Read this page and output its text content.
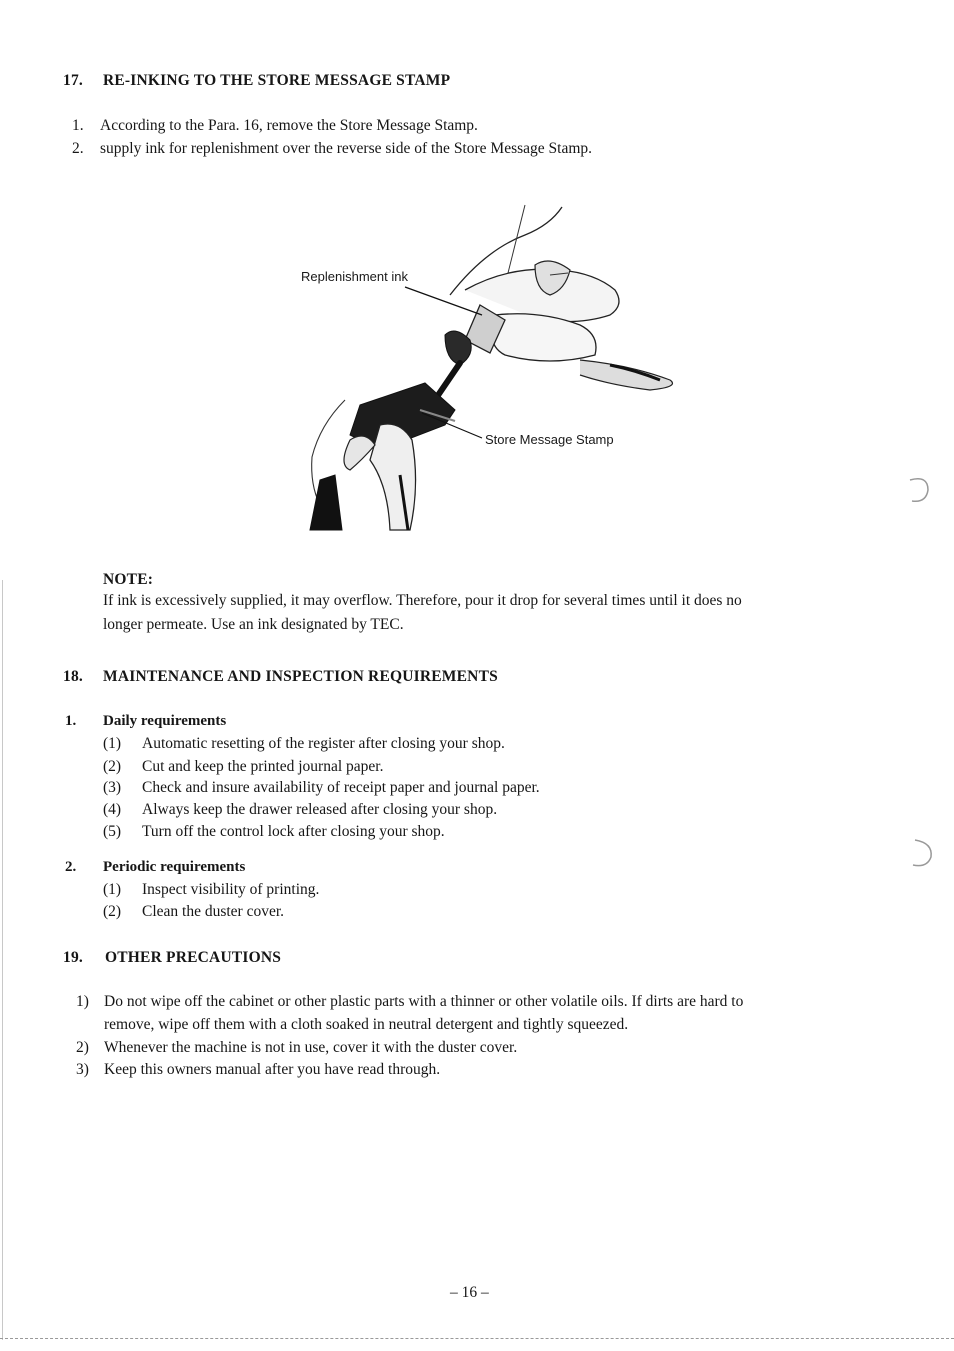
17. RE-INKING TO THE STORE MESSAGE STAMP
1. According to the Para. 16, remove the Store Message Stamp.
2. supply ink for replenishment over the reverse side of the Store Message Stamp.
Replenishment ink
Store Message Stamp
NOTE:
If ink is excessively supplied, it may overflow. Therefore, pour it drop for several times until it does no
longer permeate. Use an ink designated by TEC.
18. MAINTENANCE AND INSPECTION REQUIREMENTS
1. Daily requirements
(1) Automatic resetting of the register after closing your shop.
(2) Cut and keep the printed journal paper.
(3) Check and insure availability of receipt paper and journal paper.
(4) Always keep the drawer released after closing your shop.
(5) Turn off the control lock after closing your shop.
2. Periodic requirements
(1) Inspect visibility of printing.
(2) Clean the duster cover.
19. OTHER PRECAUTIONS
1) Do not wipe off the cabinet or other plastic parts with a thinner or other volatile oils. If dirts are hard to
remove, wipe off them with a cloth soaked in neutral detergent and tightly squeezed.
2) Whenever the machine is not in use, cover it with the duster cover.
3) Keep this owners manual after you have read through.
– 16 –
